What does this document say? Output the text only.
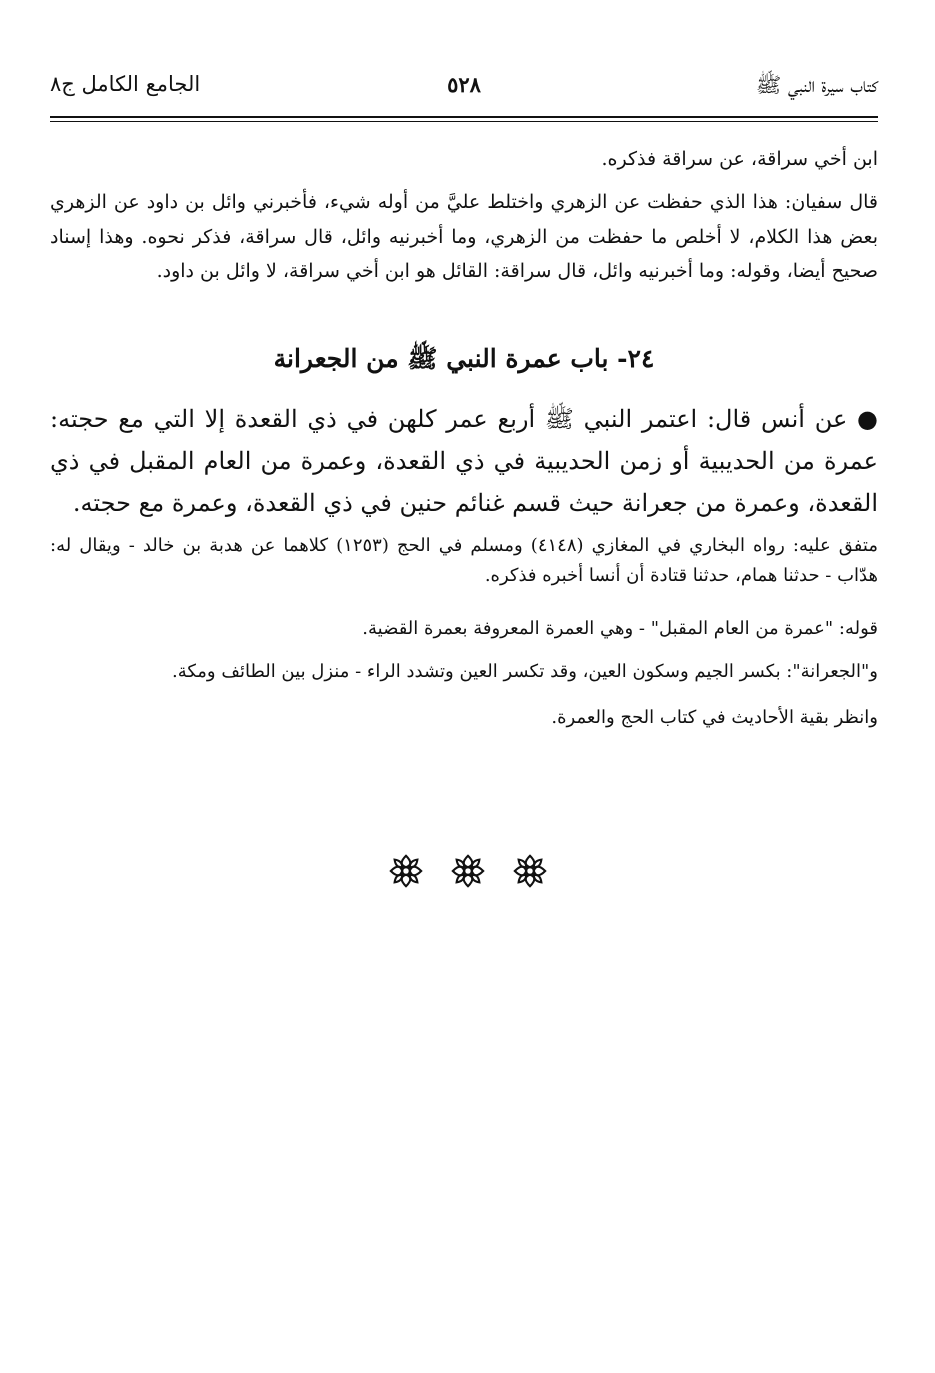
كتاب سيرة النبي ﷺ
٥٢٨
الجامع الكامل ج٨
ابن أخي سراقة، عن سراقة فذكره.
قال سفيان: هذا الذي حفظت عن الزهري واختلط عليَّ من أوله شيء، فأخبرني وائل بن داود عن الزهري بعض هذا الكلام، لا أخلص ما حفظت من الزهري، وما أخبرنيه وائل، قال سراقة، فذكر نحوه. وهذا إسناد صحيح أيضا، وقوله: وما أخبرنيه وائل، قال سراقة: القائل هو ابن أخي سراقة، لا وائل بن داود.
٢٤- باب عمرة النبي ﷺ من الجعرانة
● عن أنس قال: اعتمر النبي ﷺ أربع عمر كلهن في ذي القعدة إلا التي مع حجته: عمرة من الحديبية أو زمن الحديبية في ذي القعدة، وعمرة من العام المقبل في ذي القعدة، وعمرة من جعرانة حيث قسم غنائم حنين في ذي القعدة، وعمرة مع حجته.
متفق عليه: رواه البخاري في المغازي (٤١٤٨) ومسلم في الحج (١٢٥٣) كلاهما عن هدبة بن خالد - ويقال له: هدّاب - حدثنا همام، حدثنا قتادة أن أنسا أخبره فذكره.
قوله: "عمرة من العام المقبل" - وهي العمرة المعروفة بعمرة القضية.
و"الجعرانة": بكسر الجيم وسكون العين، وقد تكسر العين وتشدد الراء - منزل بين الطائف ومكة.
وانظر بقية الأحاديث في كتاب الحج والعمرة.
